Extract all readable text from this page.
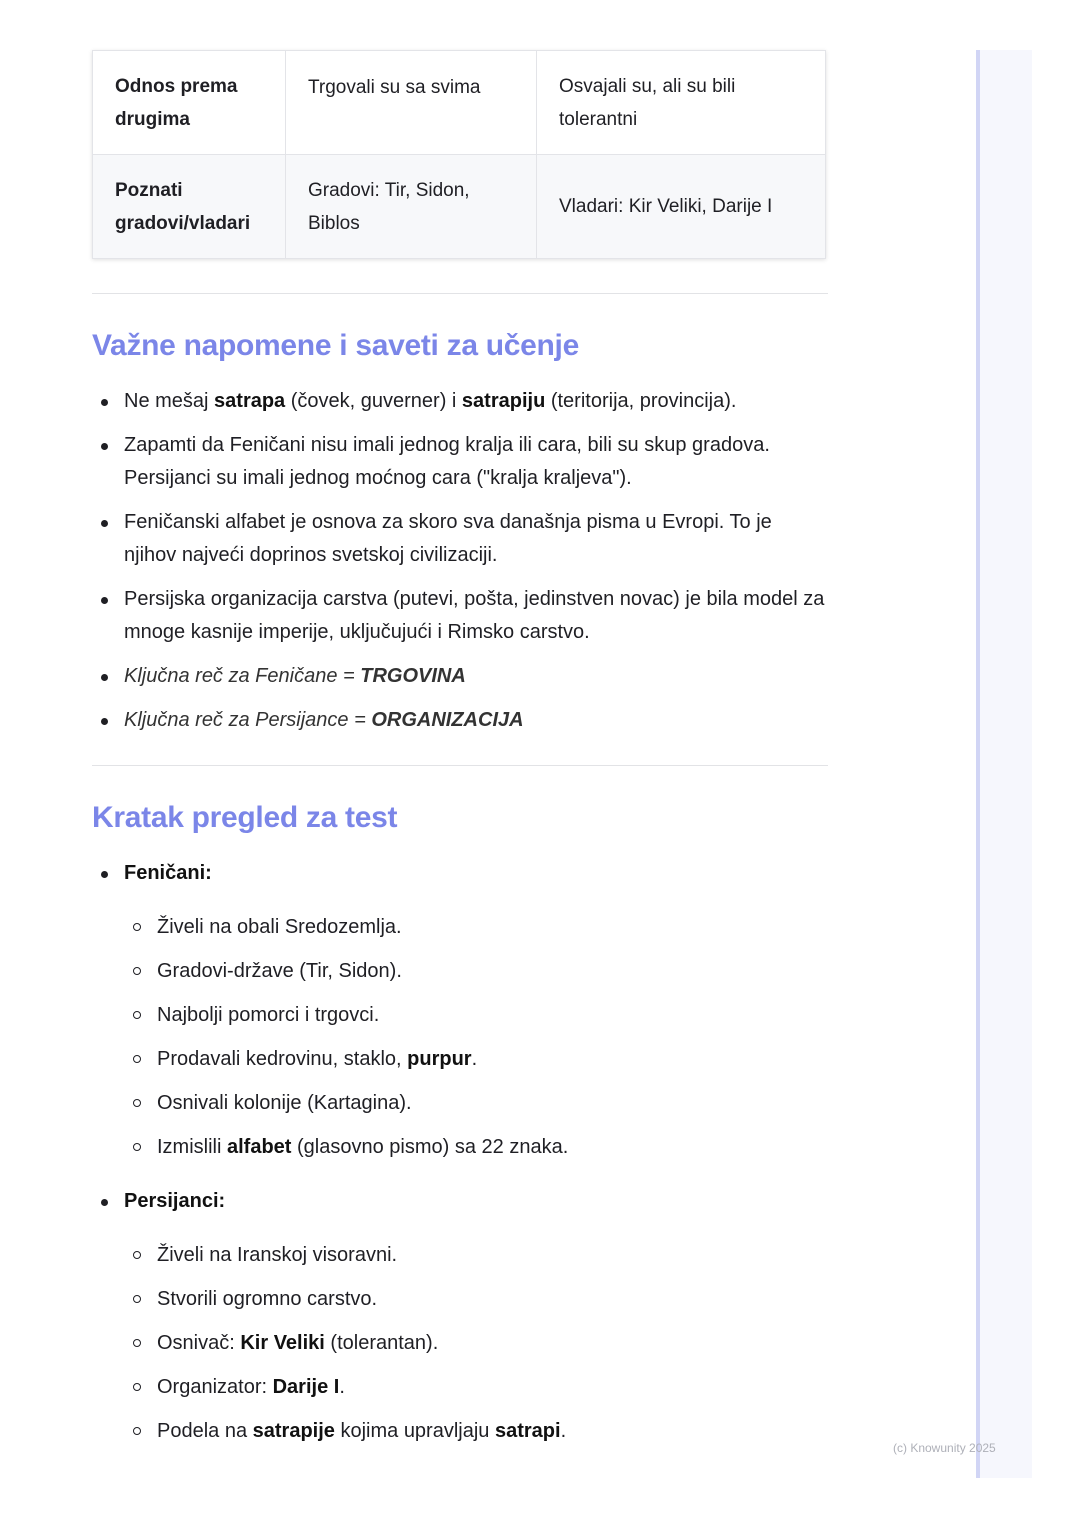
Odnos prema drugima	Trgovali su sa svima	Osvajali su, ali su bili tolerantni
Poznati gradovi/vladari	Gradovi: Tir, Sidon, Biblos	Vladari: Kir Veliki, Darije I
Važne napomene i saveti za učenje
Ne mešaj satrapa (čovek, guverner) i satrapiju (teritorija, provincija).
Zapamti da Feničani nisu imali jednog kralja ili cara, bili su skup gradova. Persijanci su imali jednog moćnog cara ("kralja kraljeva").
Feničanski alfabet je osnova za skoro sva današnja pisma u Evropi. To je njihov najveći doprinos svetskoj civilizaciji.
Persijska organizacija carstva (putevi, pošta, jedinstven novac) je bila model za mnoge kasnije imperije, uključujući i Rimsko carstvo.
Ključna reč za Feničane = TRGOVINA
Ključna reč za Persijance = ORGANIZACIJA
Kratak pregled za test
Feničani:
Živeli na obali Sredozemlja.
Gradovi-države (Tir, Sidon).
Najbolji pomorci i trgovci.
Prodavali kedrovinu, staklo, purpur.
Osnivali kolonije (Kartagina).
Izmislili alfabet (glasovno pismo) sa 22 znaka.
Persijanci:
Živeli na Iranskoj visoravni.
Stvorili ogromno carstvo.
Osnivač: Kir Veliki (tolerantan).
Organizator: Darije I.
Podela na satrapije kojima upravljaju satrapi.
(c) Knowunity 2025
